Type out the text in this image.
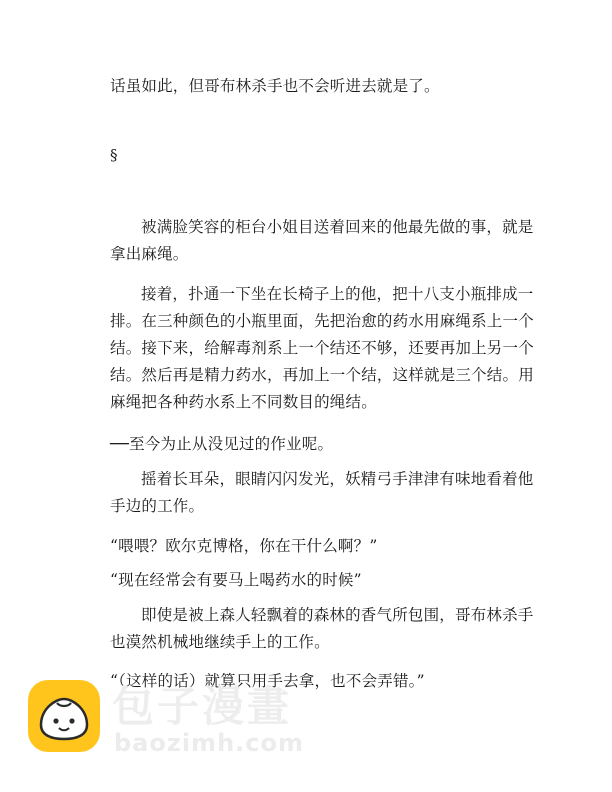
话虽如此，但哥布林杀手也不会听进去就是了。

§

被满脸笑容的柜台小姐目送着回来的他最先做的事，就是拿出麻绳。

接着，扑通一下坐在长椅子上的他，把十八支小瓶排成一排。在三种颜色的小瓶里面，先把治愈的药水用麻绳系上一个结。接下来，给解毒剂系上一个结还不够，还要再加上另一个结。然后再是精力药水，再加上一个结，这样就是三个结。用麻绳把各种药水系上不同数目的绳结。

──至今为止从没见过的作业呢。

摇着长耳朵，眼睛闪闪发光，妖精弓手津津有味地看着他手边的工作。

“喂喂？欧尔克博格，你在干什么啊？”

“现在经常会有要马上喝药水的时候”

即使是被上森人轻飘着的森林的香气所包围，哥布林杀手也漠然机械地继续手上的工作。

“（这样的话）就算只用手去拿，也不会弄错。”

包子漫畫
baozimh.com
